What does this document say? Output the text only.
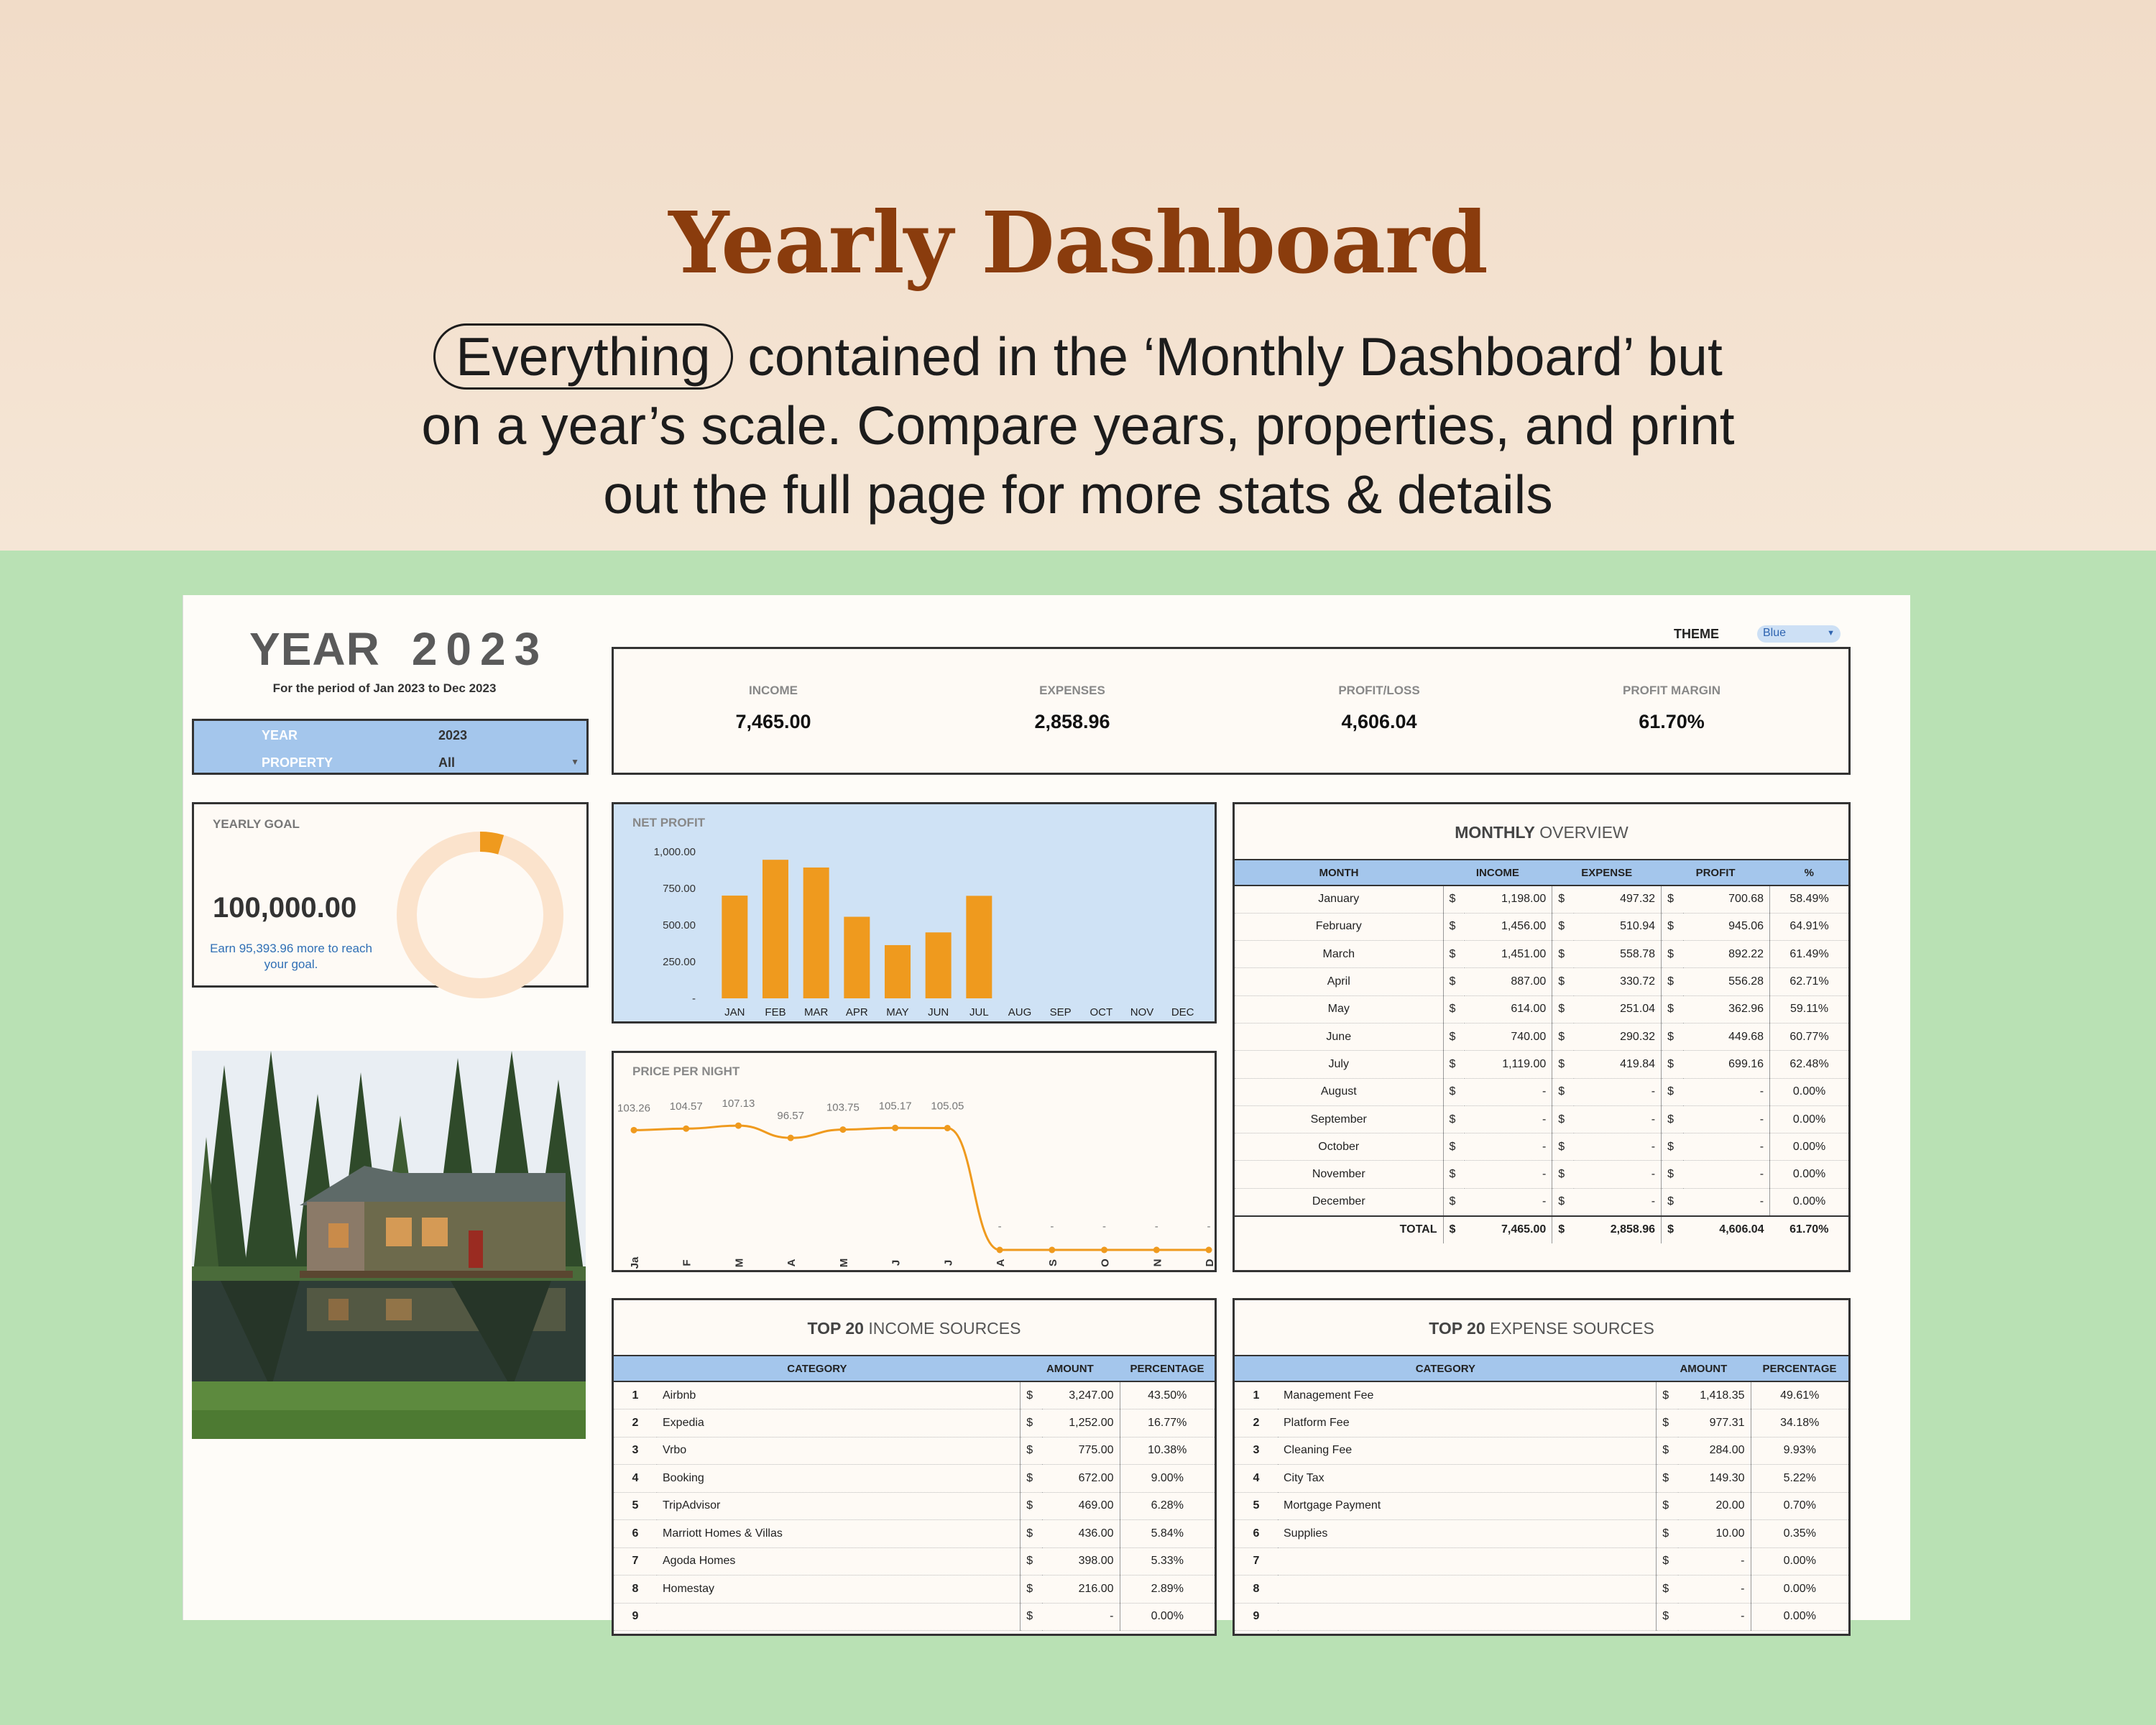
Yearly Dashboard
Everything contained in the ‘Monthly Dashboard’ but
on a year’s scale. Compare years, properties, and print
out the full page for more stats & details
YEAR 2023
For the period of Jan 2023 to Dec 2023
YEAR	2023
PROPERTY	All	▼
THEME	Blue	▼
INCOME
7,465.00
EXPENSES
2,858.96
PROFIT/LOSS
4,606.04
PROFIT MARGIN
61.70%
YEARLY GOAL
100,000.00
Earn 95,393.96 more to reach your goal.
NET PROFIT
1,000.00
750.00
500.00
250.00
-
JAN FEB MAR APR MAY JUN JUL AUG SEP OCT NOV DEC
PRICE PER NIGHT
103.26
Ja
104.57
F
107.13
M
96.57
A
103.75
M
105.17
J
105.05
J
-
A
-
S
-
O
-
N
-
D
MONTHLY OVERVIEW
MONTH	INCOME		EXPENSE		PROFIT		%
January	$	1,198.00	$	497.32	$	700.68	58.49%
February	$	1,456.00	$	510.94	$	945.06	64.91%
March	$	1,451.00	$	558.78	$	892.22	61.49%
April	$	887.00	$	330.72	$	556.28	62.71%
May	$	614.00	$	251.04	$	362.96	59.11%
June	$	740.00	$	290.32	$	449.68	60.77%
July	$	1,119.00	$	419.84	$	699.16	62.48%
August	$	-	$	-	$	-	0.00%
September	$	-	$	-	$	-	0.00%
October	$	-	$	-	$	-	0.00%
November	$	-	$	-	$	-	0.00%
December	$	-	$	-	$	-	0.00%
TOTAL	$	7,465.00	$	2,858.96	$	4,606.04	61.70%
TOP 20 INCOME SOURCES
CATEGORY		AMOUNT		PERCENTAGE
1	Airbnb	$	3,247.00	43.50%
2	Expedia	$	1,252.00	16.77%
3	Vrbo	$	775.00	10.38%
4	Booking	$	672.00	9.00%
5	TripAdvisor	$	469.00	6.28%
6	Marriott Homes & Villas	$	436.00	5.84%
7	Agoda Homes	$	398.00	5.33%
8	Homestay	$	216.00	2.89%
9		$	-	0.00%
TOP 20 EXPENSE SOURCES
CATEGORY		AMOUNT		PERCENTAGE
1	Management Fee	$	1,418.35	49.61%
2	Platform Fee	$	977.31	34.18%
3	Cleaning Fee	$	284.00	9.93%
4	City Tax	$	149.30	5.22%
5	Mortgage Payment	$	20.00	0.70%
6	Supplies	$	10.00	0.35%
7		$	-	0.00%
8		$	-	0.00%
9		$	-	0.00%
